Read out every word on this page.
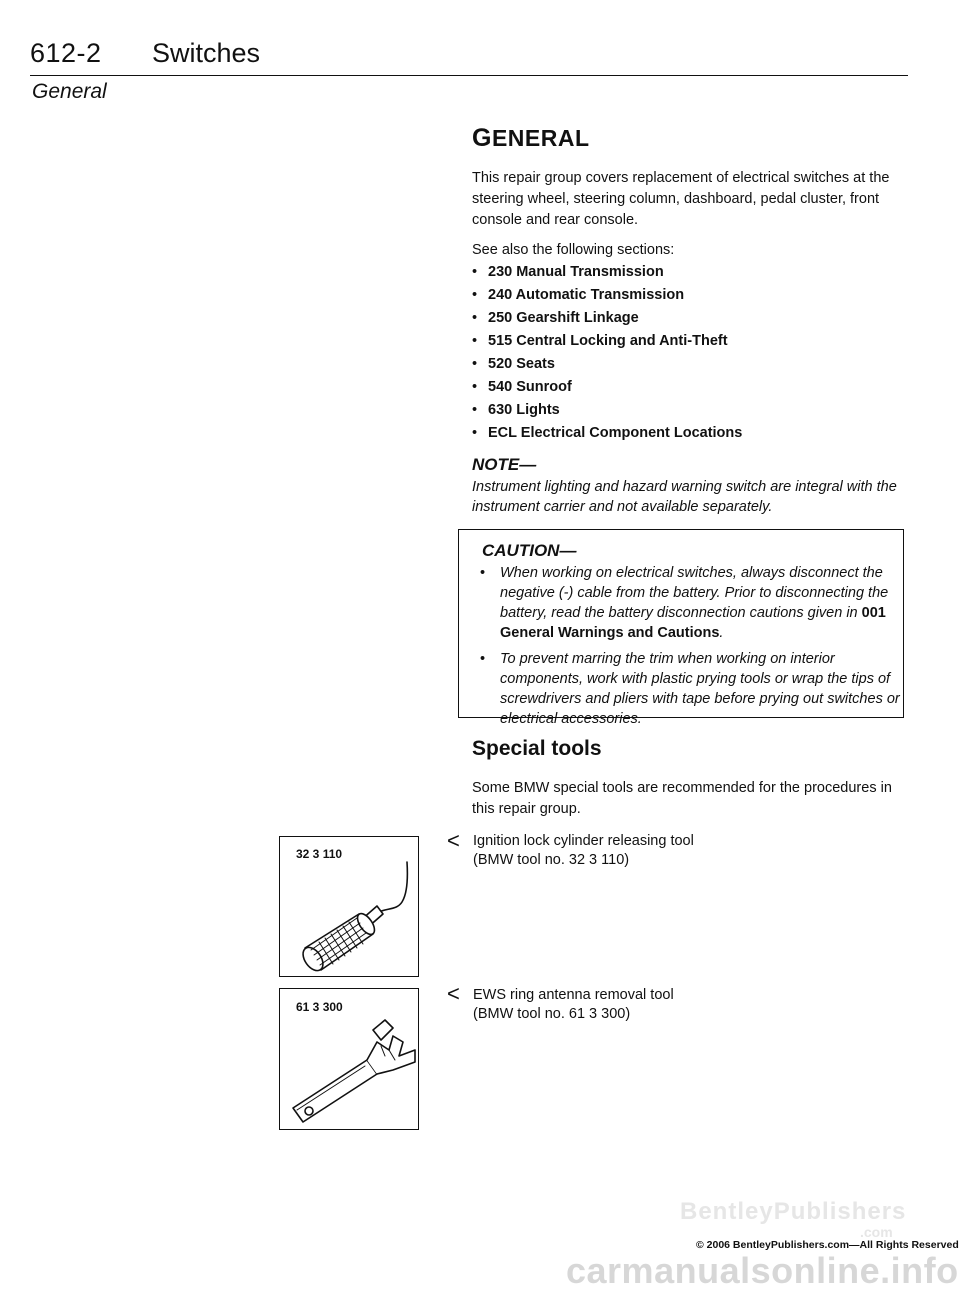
612-2 Switches
General
GENERAL
This repair group covers replacement of electrical switches at the steering wheel, steering column, dashboard, pedal cluster, front console and rear console.
See also the following sections:
• 230 Manual Transmission
• 240 Automatic Transmission
• 250 Gearshift Linkage
• 515 Central Locking and Anti-Theft
• 520 Seats
• 540 Sunroof
• 630 Lights
• ECL Electrical Component Locations
NOTE—
Instrument lighting and hazard warning switch are integral with the instrument carrier and not available separately.
CAUTION—
• When working on electrical switches, always disconnect the negative (-) cable from the battery. Prior to disconnecting the battery, read the battery disconnection cautions given in 001 General Warnings and Cautions.
• To prevent marring the trim when working on interior components, work with plastic prying tools or wrap the tips of screwdrivers and pliers with tape before prying out switches or electrical accessories.
Special tools
Some BMW special tools are recommended for the procedures in this repair group.
32 3 110
< Ignition lock cylinder releasing tool
(BMW tool no. 32 3 110)
61 3 300
< EWS ring antenna removal tool
(BMW tool no. 61 3 300)
BentleyPublishers
.com
© 2006 BentleyPublishers.com—All Rights Reserved
carmanualsonline.info
